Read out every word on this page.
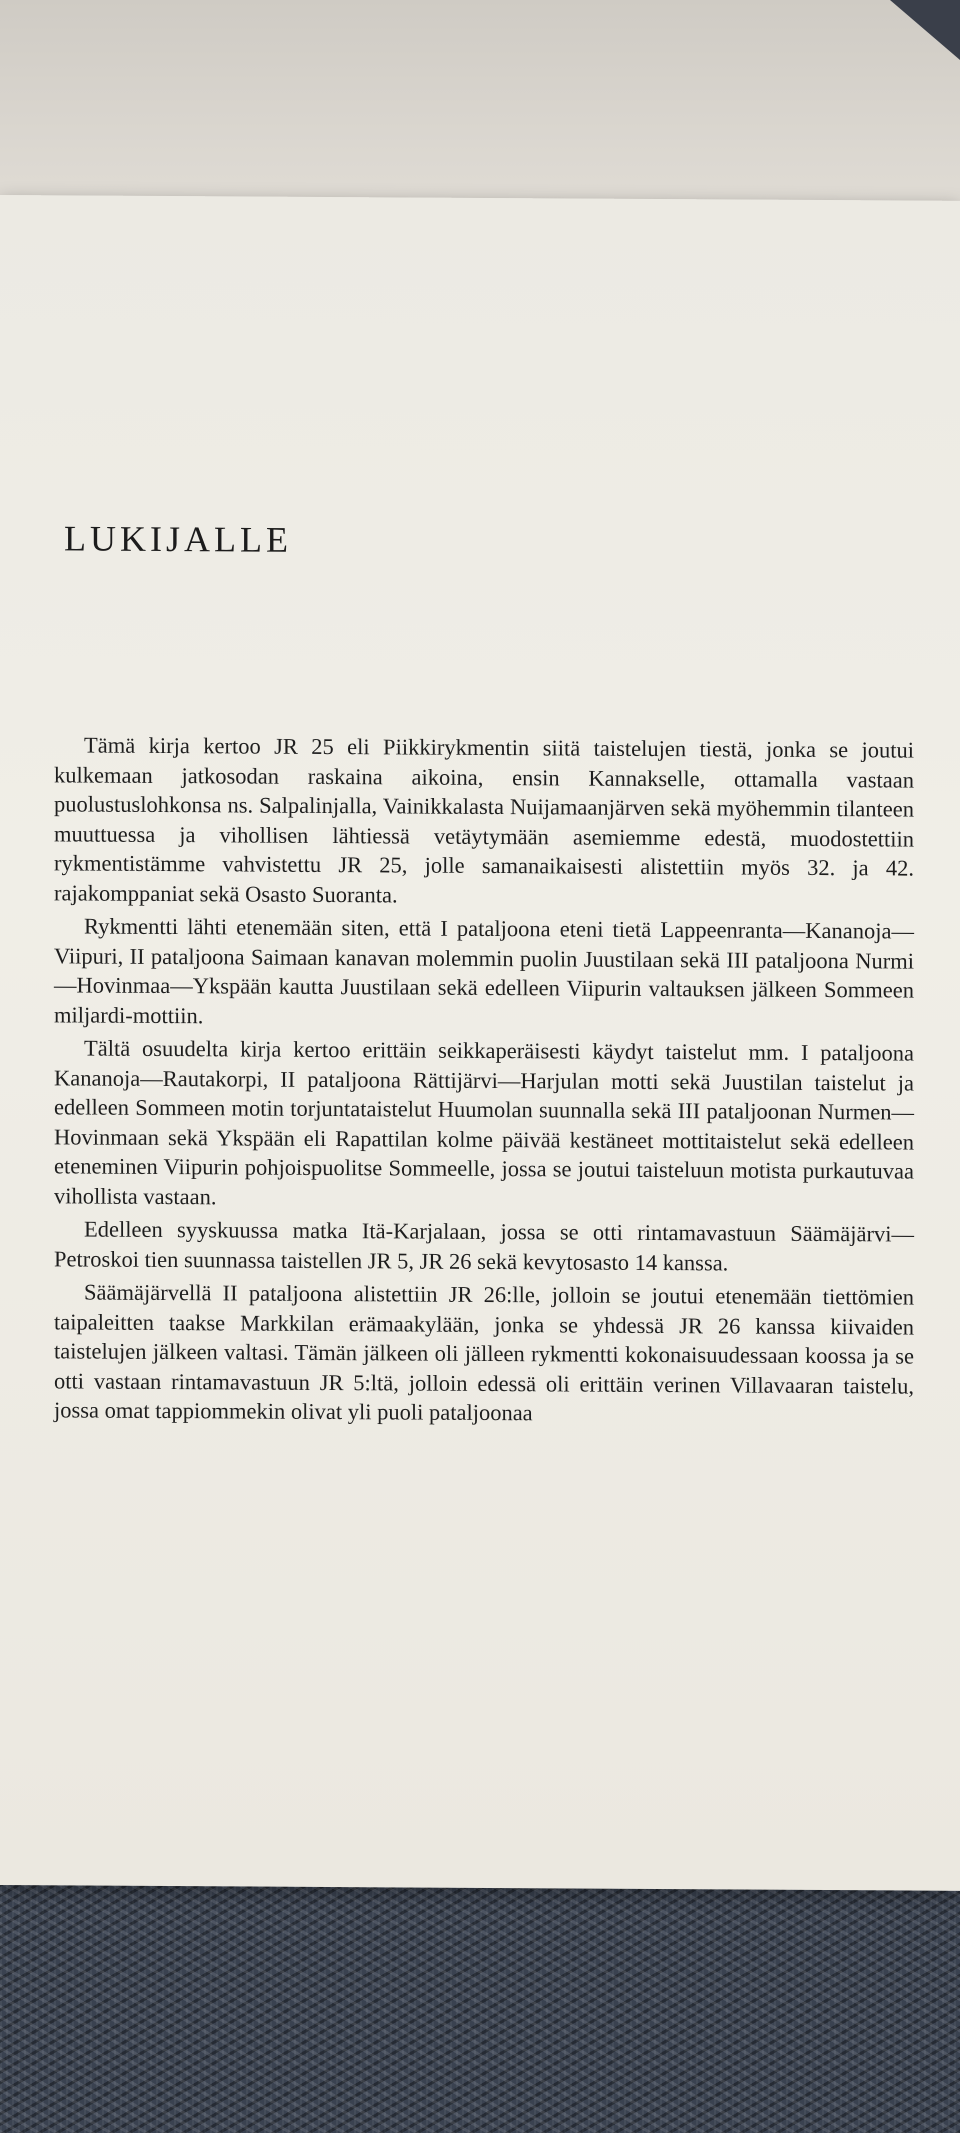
LUKIJALLE

Tämä kirja kertoo JR 25 eli Piikkirykmentin siitä taistelujen tiestä, jonka se joutui kulkemaan jatkosodan raskaina aikoina, ensin Kannakselle, ottamalla vastaan puolustuslohkonsa ns. Salpalinjalla, Vainikkalasta Nuijamaanjärven sekä myöhemmin tilanteen muuttuessa ja vihollisen lähtiessä vetäytymään asemiemme edestä, muodostettiin rykmentistämme vahvistettu JR 25, jolle samanaikaisesti alistettiin myös 32. ja 42. rajakomppaniat sekä Osasto Suoranta.

Rykmentti lähti etenemään siten, että I pataljoona eteni tietä Lappeenranta—Kananoja—Viipuri, II pataljoona Saimaan kanavan molemmin puolin Juustilaan sekä III pataljoona Nurmi—Hovinmaa—Ykspään kautta Juustilaan sekä edelleen Viipurin valtauksen jälkeen Sommeen miljardi-mottiin.

Tältä osuudelta kirja kertoo erittäin seikkaperäisesti käydyt taistelut mm. I pataljoona Kananoja—Rautakorpi, II pataljoona Rättijärvi—Harjulan motti sekä Juustilan taistelut ja edelleen Sommeen motin torjuntataistelut Huumolan suunnalla sekä III pataljoonan Nurmen—Hovinmaan sekä Ykspään eli Rapattilan kolme päivää kestäneet mottitaistelut sekä edelleen eteneminen Viipurin pohjoispuolitse Sommeelle, jossa se joutui taisteluun motista purkautuvaa vihollista vastaan.

Edelleen syyskuussa matka Itä-Karjalaan, jossa se otti rintamavastuun Säämäjärvi—Petroskoi tien suunnassa taistellen JR 5, JR 26 sekä kevytosasto 14 kanssa.

Säämäjärvellä II pataljoona alistettiin JR 26:lle, jolloin se joutui etenemään tiettömien taipaleitten taakse Markkilan erämaakylään, jonka se yhdessä JR 26 kanssa kiivaiden taistelujen jälkeen valtasi. Tämän jälkeen oli jälleen rykmentti kokonaisuudessaan koossa ja se otti vastaan rintamavastuun JR 5:ltä, jolloin edessä oli erittäin verinen Villavaaran taistelu, jossa omat tappiommekin olivat yli puoli pataljoonaa
